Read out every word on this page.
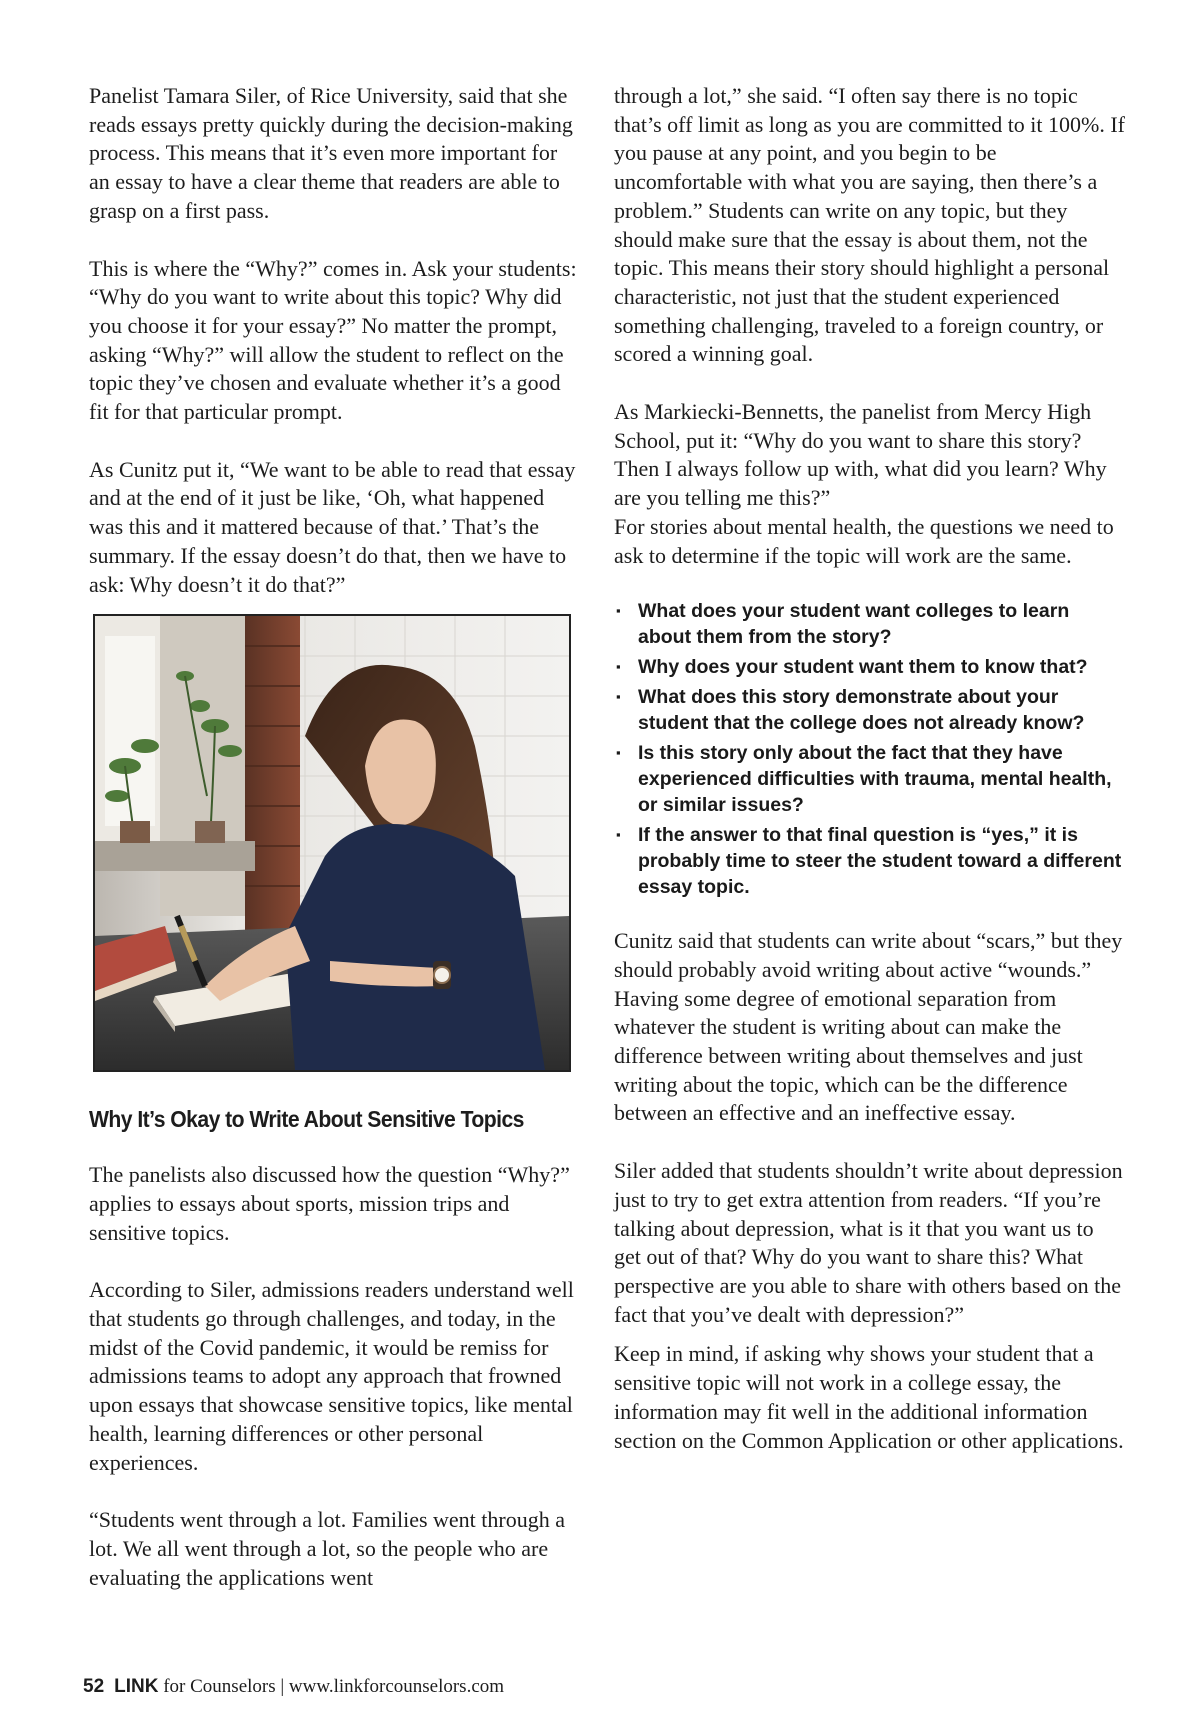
Panelist Tamara Siler, of Rice University, said that she reads essays pretty quickly during the decision-making process. This means that it’s even more important for an essay to have a clear theme that readers are able to grasp on a first pass.

This is where the “Why?” comes in. Ask your students: “Why do you want to write about this topic? Why did you choose it for your essay?” No matter the prompt, asking “Why?” will allow the student to reflect on the topic they’ve chosen and evaluate whether it’s a good fit for that particular prompt.

As Cunitz put it, “We want to be able to read that essay and at the end of it just be like, ‘Oh, what happened was this and it mattered because of that.’ That’s the summary. If the essay doesn’t do that, then we have to ask: Why doesn’t it do that?”

Why It’s Okay to Write About Sensitive Topics

The panelists also discussed how the question “Why?” applies to essays about sports, mission trips and sensitive topics.

According to Siler, admissions readers understand well that students go through challenges, and today, in the midst of the Covid pandemic, it would be remiss for admissions teams to adopt any approach that frowned upon essays that showcase sensitive topics, like mental health, learning differences or other personal experiences.

“Students went through a lot. Families went through a lot. We all went through a lot, so the people who are evaluating the applications went

through a lot,” she said. “I often say there is no topic that’s off limit as long as you are committed to it 100%. If you pause at any point, and you begin to be uncomfortable with what you are saying, then there’s a problem.” Students can write on any topic, but they should make sure that the essay is about them, not the topic. This means their story should highlight a personal characteristic, not just that the student experienced something challenging, traveled to a foreign country, or scored a winning goal.

As Markiecki-Bennetts, the panelist from Mercy High School, put it: “Why do you want to share this story? Then I always follow up with, what did you learn? Why are you telling me this?”

For stories about mental health, the questions we need to ask to determine if the topic will work are the same.

▪ What does your student want colleges to learn about them from the story?
▪ Why does your student want them to know that?
▪ What does this story demonstrate about your student that the college does not already know?
▪ Is this story only about the fact that they have experienced difficulties with trauma, mental health, or similar issues?
▪ If the answer to that final question is “yes,” it is probably time to steer the student toward a different essay topic.

Cunitz said that students can write about “scars,” but they should probably avoid writing about active “wounds.” Having some degree of emotional separation from whatever the student is writing about can make the difference between writing about themselves and just writing about the topic, which can be the difference between an effective and an ineffective essay.

Siler added that students shouldn’t write about depression just to try to get extra attention from readers. “If you’re talking about depression, what is it that you want us to get out of that? Why do you want to share this? What perspective are you able to share with others based on the fact that you’ve dealt with depression?”

Keep in mind, if asking why shows your student that a sensitive topic will not work in a college essay, the information may fit well in the additional information section on the Common Application or other applications.

52 LINK for Counselors | www.linkforcounselors.com
